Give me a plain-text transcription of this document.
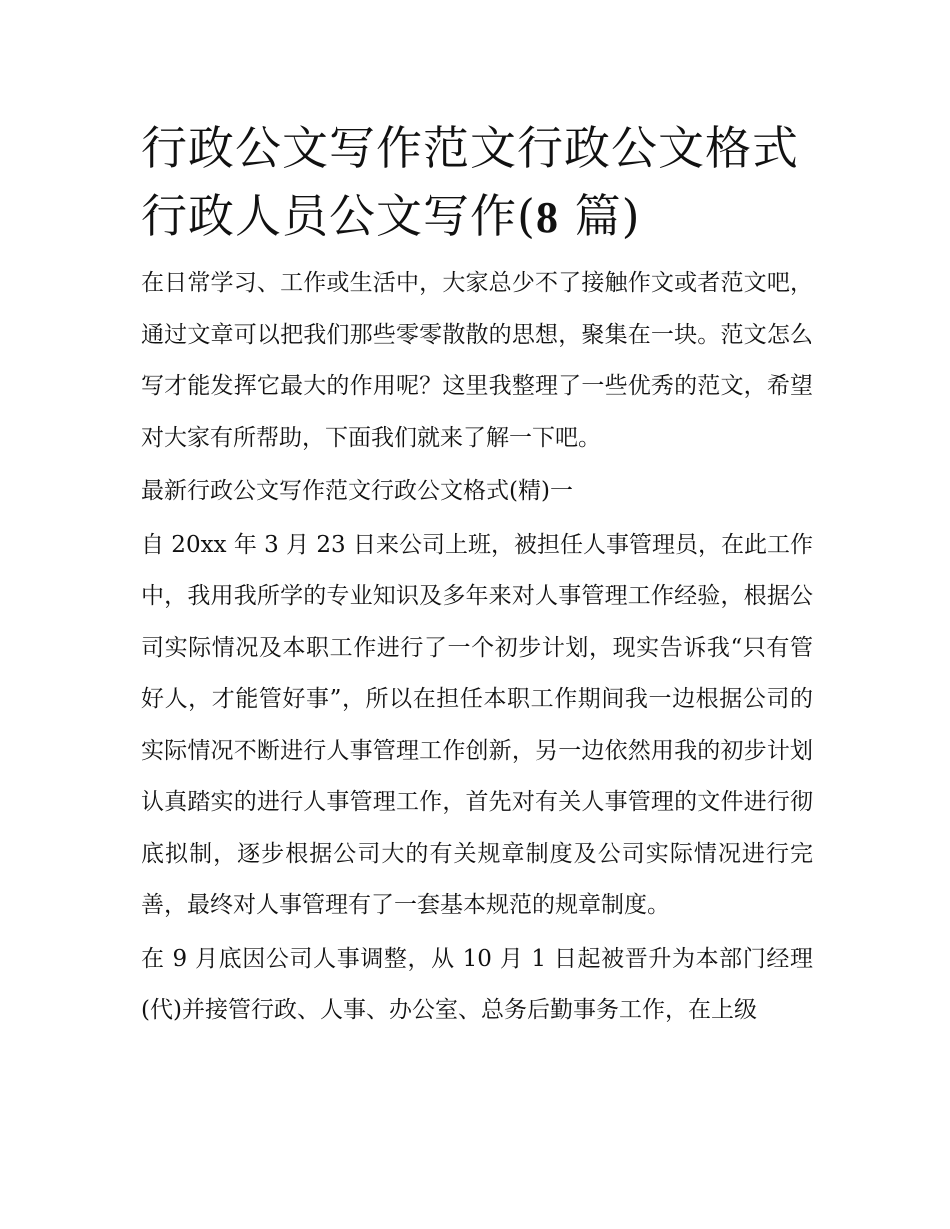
行政公文写作范文行政公文格式 行政人员公文写作(8 篇)

在日常学习、工作或生活中，大家总少不了接触作文或者范文吧，通过文章可以把我们那些零零散散的思想，聚集在一块。范文怎么写才能发挥它最大的作用呢？这里我整理了一些优秀的范文，希望对大家有所帮助，下面我们就来了解一下吧。

最新行政公文写作范文行政公文格式(精)一

自 20xx 年 3 月 23 日来公司上班，被担任人事管理员，在此工作中，我用我所学的专业知识及多年来对人事管理工作经验，根据公司实际情况及本职工作进行了一个初步计划，现实告诉我“只有管好人，才能管好事”，所以在担任本职工作期间我一边根据公司的实际情况不断进行人事管理工作创新，另一边依然用我的初步计划认真踏实的进行人事管理工作，首先对有关人事管理的文件进行彻底拟制，逐步根据公司大的有关规章制度及公司实际情况进行完善，最终对人事管理有了一套基本规范的规章制度。

在 9 月底因公司人事调整，从 10 月 1 日起被晋升为本部门经理(代)并接管行政、人事、办公室、总务后勤事务工作，在上级
